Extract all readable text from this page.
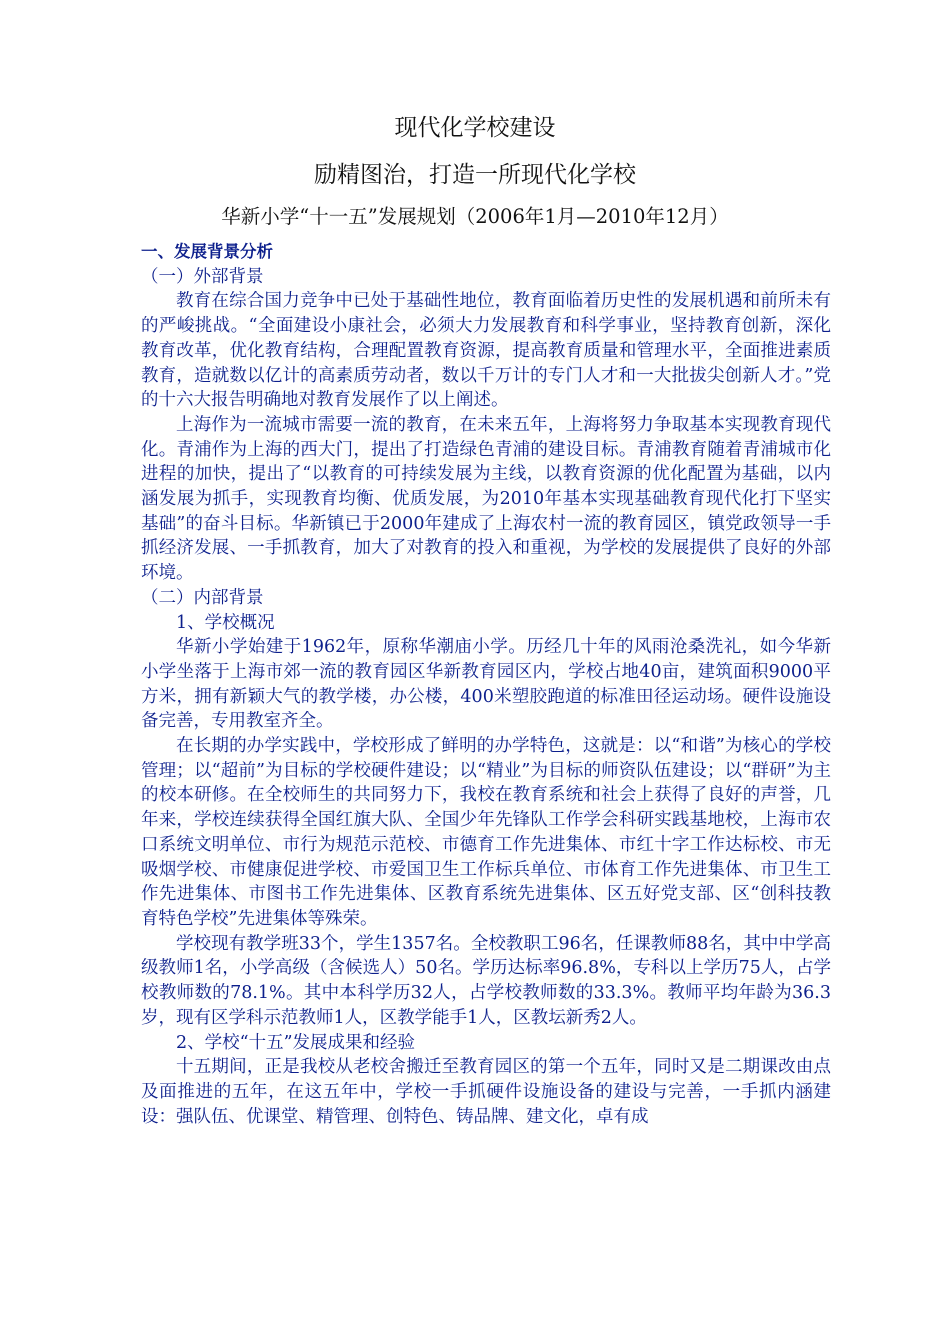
现代化学校建设
励精图治，打造一所现代化学校
华新小学“十一五”发展规划（2006年1月—2010年12月）

一、发展背景分析

（一）外部背景

教育在综合国力竞争中已处于基础性地位，教育面临着历史性的发展机遇和前所未有的严峻挑战。“全面建设小康社会，必须大力发展教育和科学事业，坚持教育创新，深化教育改革，优化教育结构，合理配置教育资源，提高教育质量和管理水平，全面推进素质教育，造就数以亿计的高素质劳动者，数以千万计的专门人才和一大批拔尖创新人才。”党的十六大报告明确地对教育发展作了以上阐述。

上海作为一流城市需要一流的教育，在未来五年，上海将努力争取基本实现教育现代化。青浦作为上海的西大门，提出了打造绿色青浦的建设目标。青浦教育随着青浦城市化进程的加快，提出了“以教育的可持续发展为主线，以教育资源的优化配置为基础，以内涵发展为抓手，实现教育均衡、优质发展，为2010年基本实现基础教育现代化打下坚实基础”的奋斗目标。华新镇已于2000年建成了上海农村一流的教育园区，镇党政领导一手抓经济发展、一手抓教育，加大了对教育的投入和重视，为学校的发展提供了良好的外部环境。

（二）内部背景

1、学校概况

华新小学始建于1962年，原称华潮庙小学。历经几十年的风雨沧桑洗礼，如今华新小学坐落于上海市郊一流的教育园区华新教育园区内，学校占地40亩，建筑面积9000平方米，拥有新颖大气的教学楼，办公楼，400米塑胶跑道的标准田径运动场。硬件设施设备完善，专用教室齐全。

在长期的办学实践中，学校形成了鲜明的办学特色，这就是：以“和谐”为核心的学校管理；以“超前”为目标的学校硬件建设；以“精业”为目标的师资队伍建设；以“群研”为主的校本研修。在全校师生的共同努力下，我校在教育系统和社会上获得了良好的声誉，几年来，学校连续获得全国红旗大队、全国少年先锋队工作学会科研实践基地校，上海市农口系统文明单位、市行为规范示范校、市德育工作先进集体、市红十字工作达标校、市无吸烟学校、市健康促进学校、市爱国卫生工作标兵单位、市体育工作先进集体、市卫生工作先进集体、市图书工作先进集体、区教育系统先进集体、区五好党支部、区“创科技教育特色学校”先进集体等殊荣。

学校现有教学班33个，学生1357名。全校教职工96名，任课教师88名，其中中学高级教师1名，小学高级（含候选人）50名。学历达标率96.8%，专科以上学历75人，占学校教师数的78.1%。其中本科学历32人，占学校教师数的33.3%。教师平均年龄为36.3岁，现有区学科示范教师1人，区教学能手1人，区教坛新秀2人。

2、学校“十五”发展成果和经验

十五期间，正是我校从老校舍搬迁至教育园区的第一个五年，同时又是二期课改由点及面推进的五年，在这五年中，学校一手抓硬件设施设备的建设与完善，一手抓内涵建设：强队伍、优课堂、精管理、创特色、铸品牌、建文化，卓有成
